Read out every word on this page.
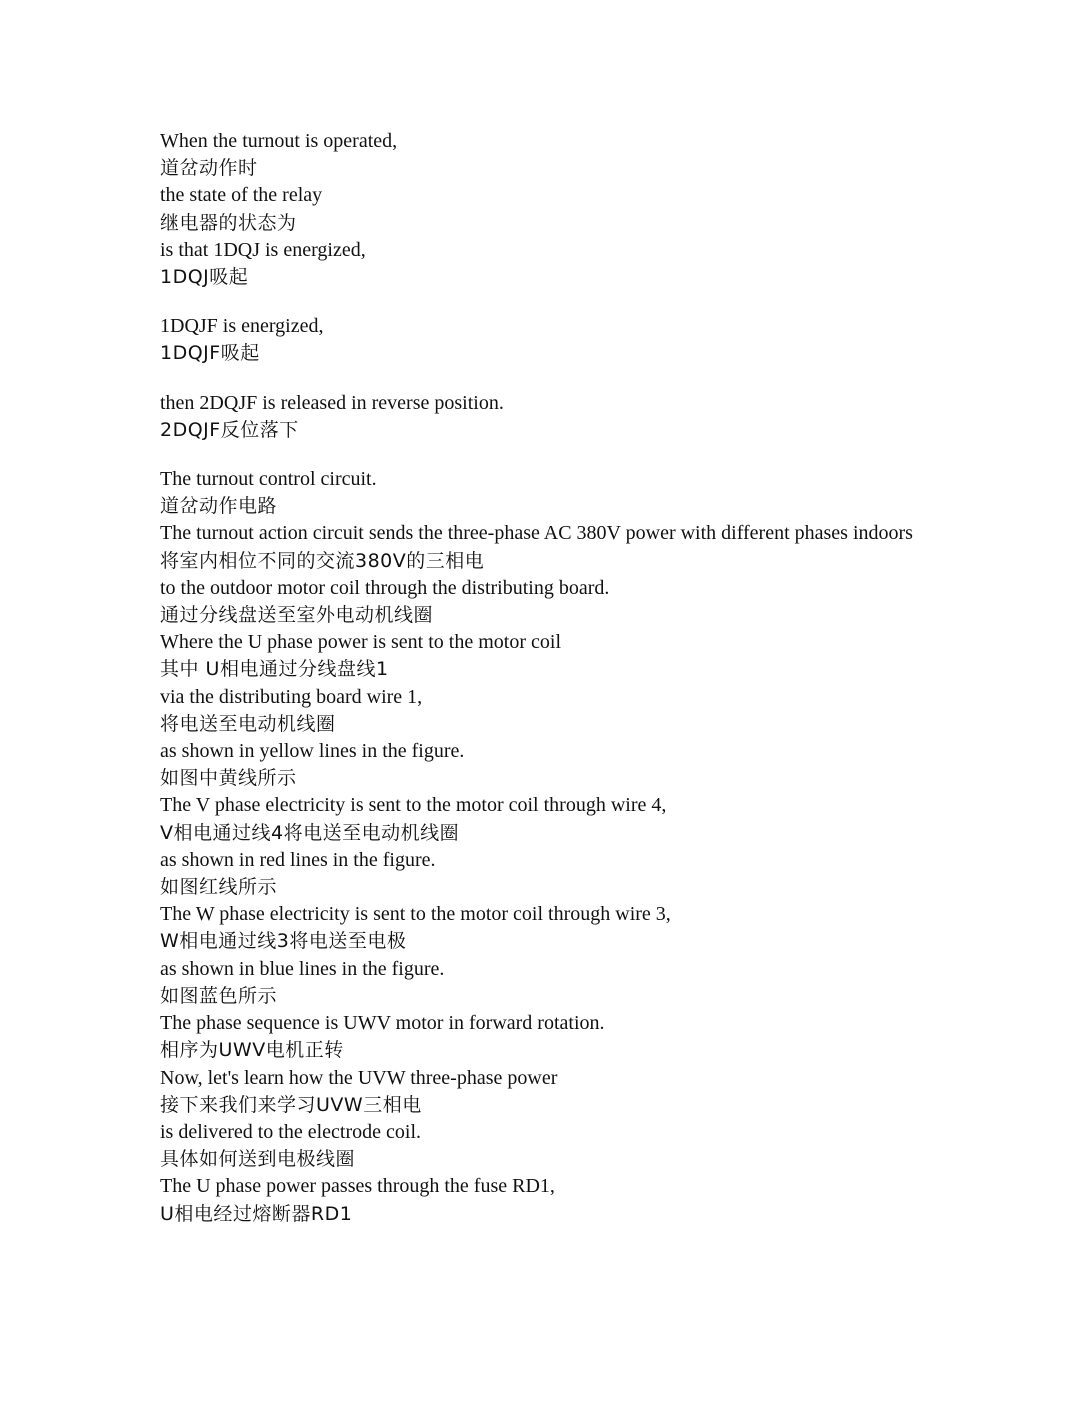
When the turnout is operated,
道岔动作时
the state of the relay
继电器的状态为
is that 1DQJ is energized,
1DQJ吸起
1DQJF is energized,
1DQJF吸起
then 2DQJF is released in reverse position.
2DQJF反位落下
The turnout control circuit.
道岔动作电路
The turnout action circuit sends the three-phase AC 380V power with different phases indoors
将室内相位不同的交流380V的三相电
to the outdoor motor coil through the distributing board.
通过分线盘送至室外电动机线圈
Where the U phase power is sent to the motor coil
其中 U相电通过分线盘线1
via the distributing board wire 1,
将电送至电动机线圈
as shown in yellow lines in the figure.
如图中黄线所示
The V phase electricity is sent to the motor coil through wire 4,
V相电通过线4将电送至电动机线圈
as shown in red lines in the figure.
如图红线所示
The W phase electricity is sent to the motor coil through wire 3,
W相电通过线3将电送至电极
as shown in blue lines in the figure.
如图蓝色所示
The phase sequence is UWV motor in forward rotation.
相序为UWV电机正转
Now, let's learn how the UVW three-phase power
接下来我们来学习UVW三相电
is delivered to the electrode coil.
具体如何送到电极线圈
The U phase power passes through the fuse RD1,
U相电经过熔断器RD1
